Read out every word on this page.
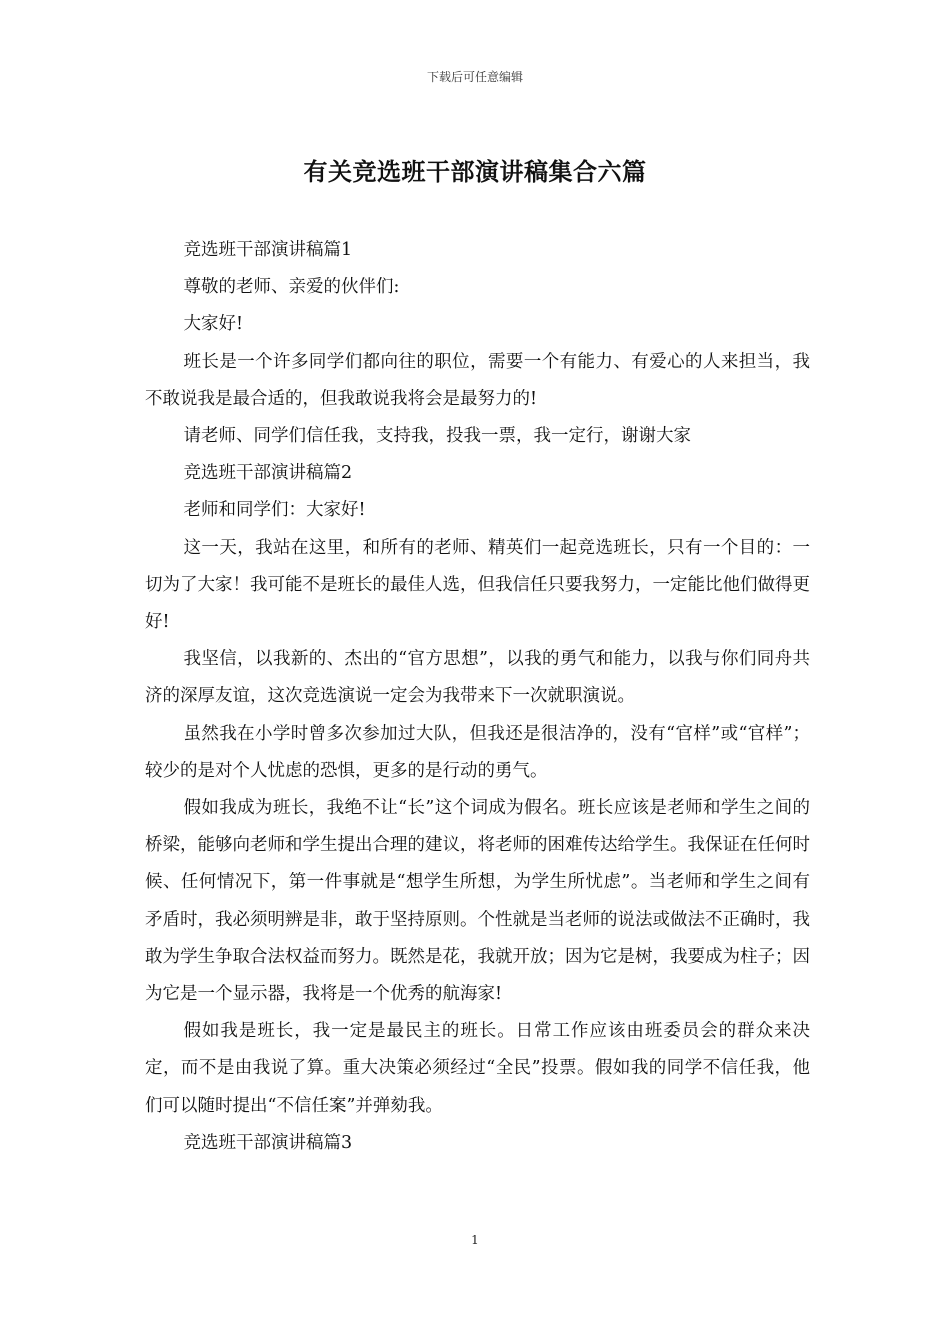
下载后可任意编辑
有关竞选班干部演讲稿集合六篇

竞选班干部演讲稿篇1

尊敬的老师、亲爱的伙伴们:

大家好!

班长是一个许多同学们都向往的职位，需要一个有能力、有爱心的人来担当，我不敢说我是最合适的，但我敢说我将会是最努力的!

请老师、同学们信任我，支持我，投我一票，我一定行，谢谢大家

竞选班干部演讲稿篇2

老师和同学们：大家好!

这一天，我站在这里，和所有的老师、精英们一起竞选班长，只有一个目的：一切为了大家！我可能不是班长的最佳人选，但我信任只要我努力，一定能比他们做得更好!

我坚信，以我新的、杰出的“官方思想”，以我的勇气和能力，以我与你们同舟共济的深厚友谊，这次竞选演说一定会为我带来下一次就职演说。

虽然我在小学时曾多次参加过大队，但我还是很洁净的，没有“官样”或“官样”；较少的是对个人忧虑的恐惧，更多的是行动的勇气。

假如我成为班长，我绝不让“长”这个词成为假名。班长应该是老师和学生之间的桥梁，能够向老师和学生提出合理的建议，将老师的困难传达给学生。我保证在任何时候、任何情况下，第一件事就是“想学生所想，为学生所忧虑”。当老师和学生之间有矛盾时，我必须明辨是非，敢于坚持原则。个性就是当老师的说法或做法不正确时，我敢为学生争取合法权益而努力。既然是花，我就开放；因为它是树，我要成为柱子；因为它是一个显示器，我将是一个优秀的航海家!

假如我是班长，我一定是最民主的班长。日常工作应该由班委员会的群众来决定，而不是由我说了算。重大决策必须经过“全民”投票。假如我的同学不信任我，他们可以随时提出“不信任案”并弹劾我。

竞选班干部演讲稿篇3

1
